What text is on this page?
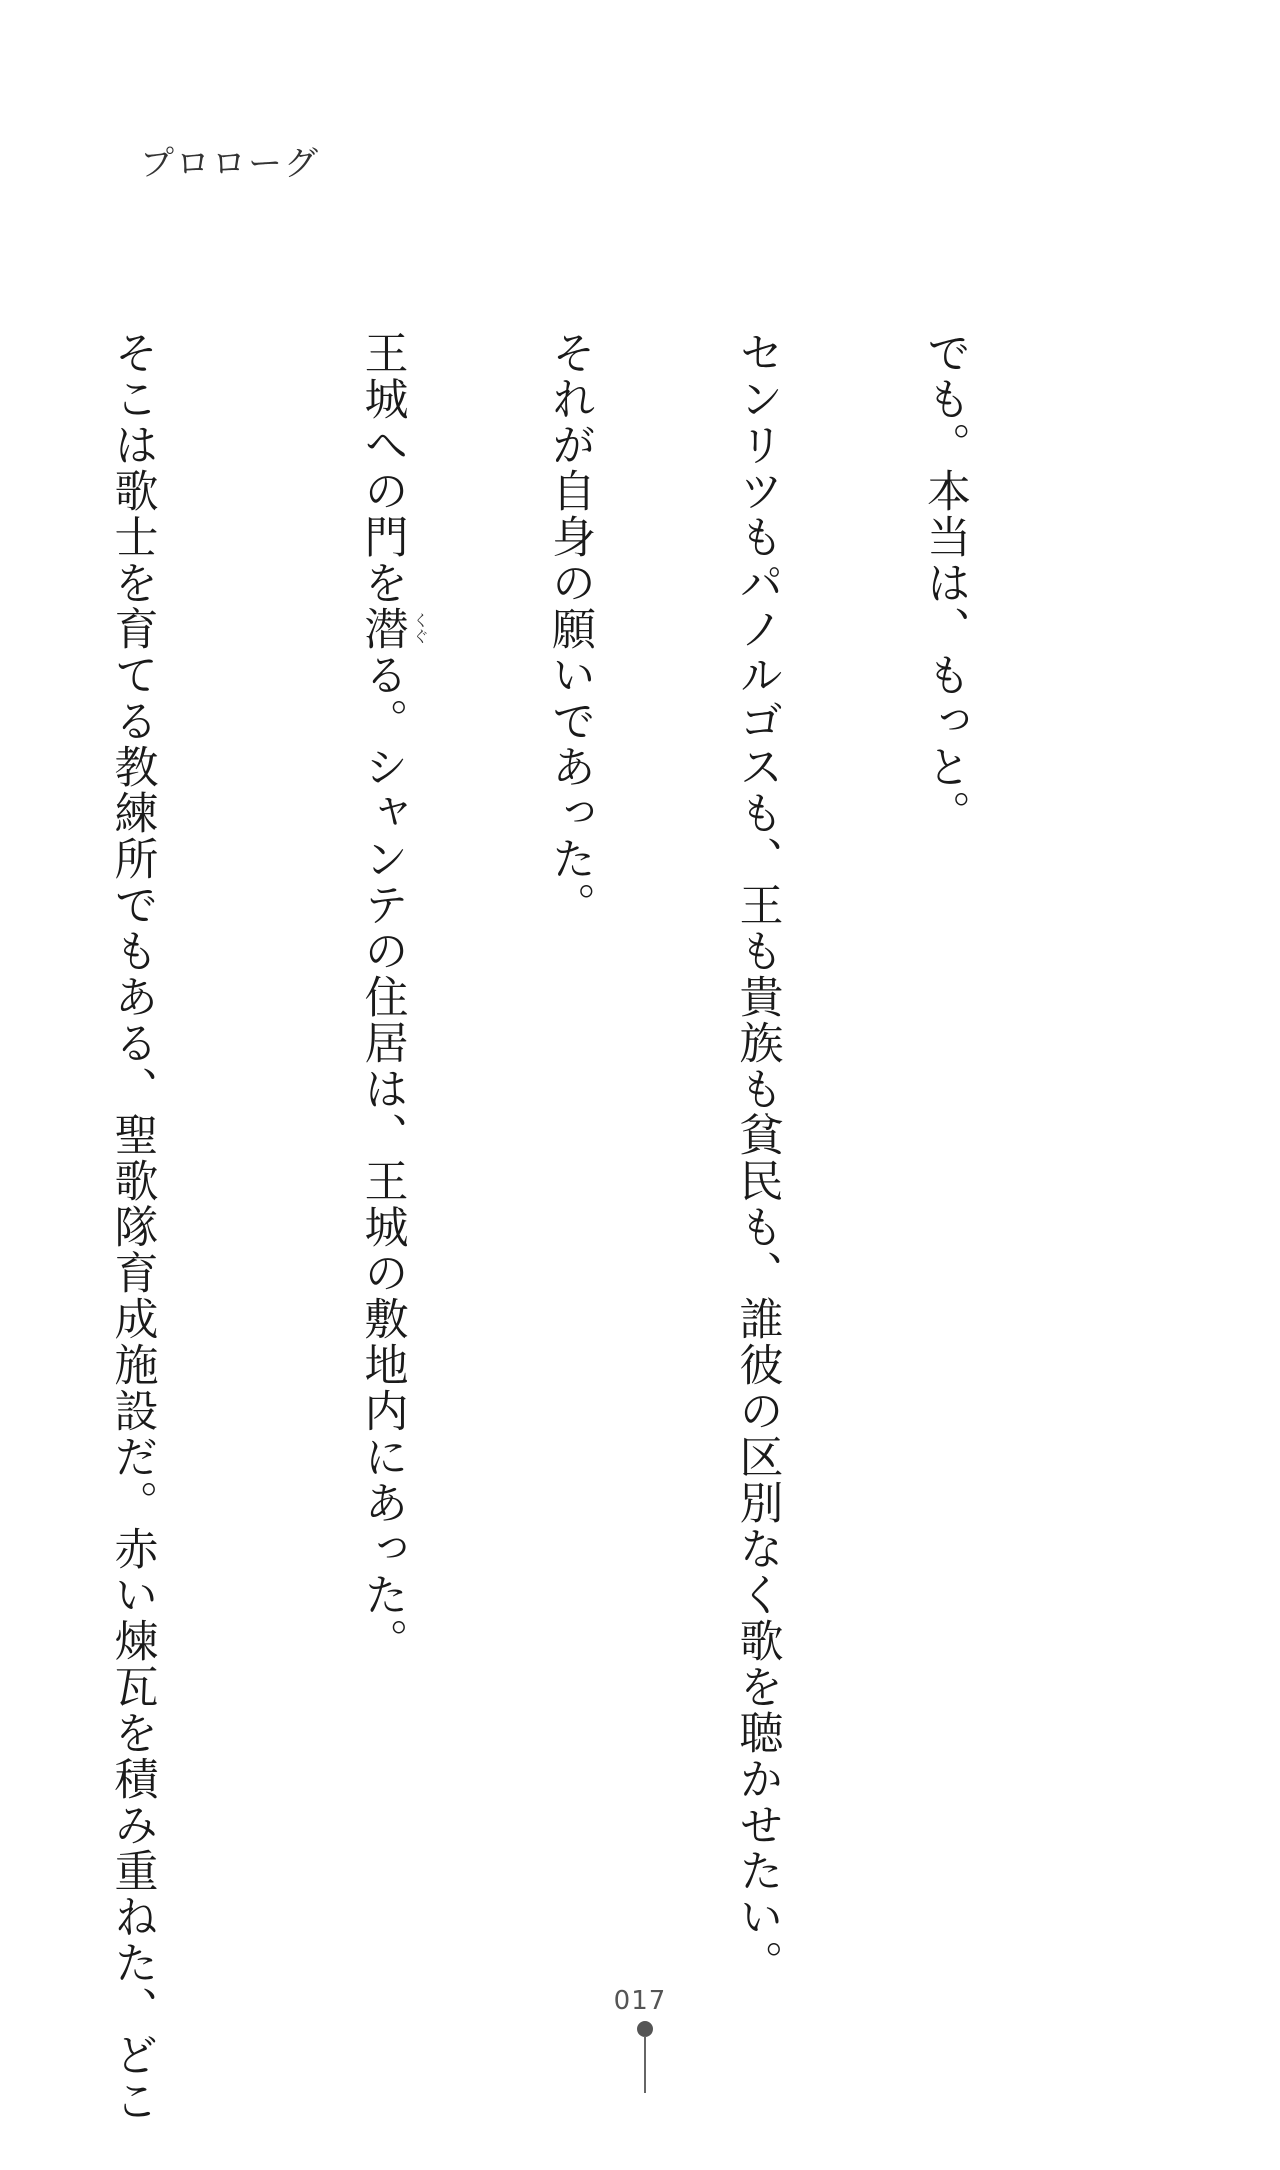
プロローグ

でも。本当は、もっと。

センリツもパノルゴスも、王も貴族も貧民も、誰彼の区別なく歌を聴かせたい。

それが自身の願いであった。

王城への門を潜 くぐ
る。シャンテの住居は、王城の敷地内にあった。

そこは歌士を育てる教練所でもある、聖歌隊育成施設だ。赤い煉瓦を積み重ねた、どこ

	017
